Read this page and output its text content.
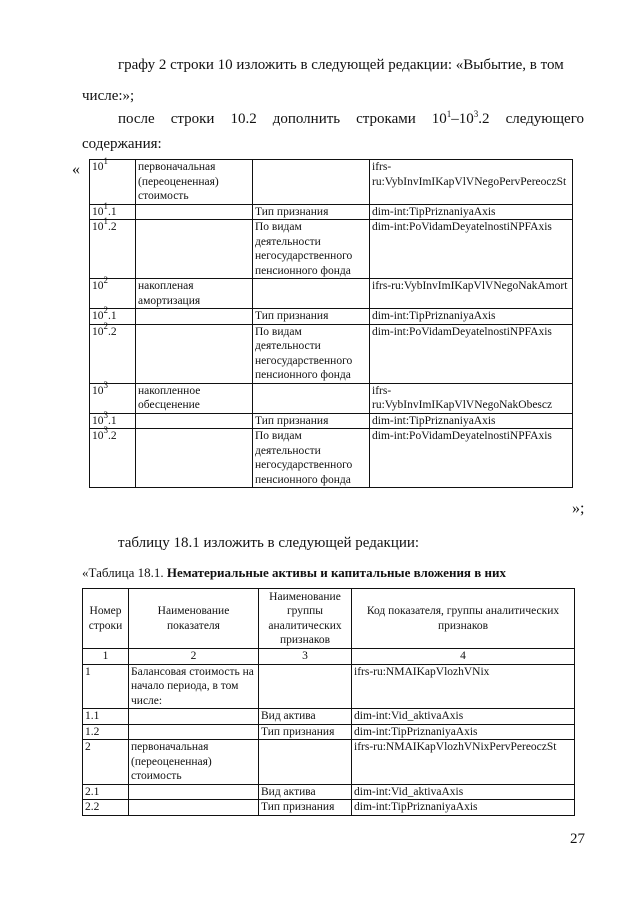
графу 2 строки 10 изложить в следующей редакции: «Выбытие, в том
числе:»;
после строки 10.2 дополнить строками $10^1-10^3.2$ следующего
содержания:
« $10^1$	первоначальная (переоцененная) стоимость		ifrs-ru:VybInvImIKapVlVNegoPervPereoczSt
$10^1.1$		Тип признания	dim-int:TipPriznaniyaAxis
$10^1.2$		По видам деятельности негосударственного пенсионного фонда	dim-int:PoVidamDeyatelnostiNPFAxis
$10^2$	накопленая амортизация		ifrs-ru:VybInvImIKapVlVNegoNakAmort
$10^2.1$		Тип признания	dim-int:TipPriznaniyaAxis
$10^2.2$		По видам деятельности негосударственного пенсионного фонда	dim-int:PoVidamDeyatelnostiNPFAxis
$10^3$	накопленное обесценение		ifrs-ru:VybInvImIKapVlVNegoNakObescz
$10^3.1$		Тип признания	dim-int:TipPriznaniyaAxis
$10^3.2$		По видам деятельности негосударственного пенсионного фонда	dim-int:PoVidamDeyatelnostiNPFAxis
»;
таблицу 18.1 изложить в следующей редакции:
«Таблица 18.1. Нематериальные активы и капитальные вложения в них
Номер строки	Наименование показателя	Наименование группы аналитических признаков	Код показателя, группы аналитических признаков
1	2	3	4
1	Балансовая стоимость на начало периода, в том числе:		ifrs-ru:NMAIKapVlozhVNix
1.1		Вид актива	dim-int:Vid_aktivaAxis
1.2		Тип признания	dim-int:TipPriznaniyaAxis
2	первоначальная (переоцененная) стоимость		ifrs-ru:NMAIKapVlozhVNixPervPereoczSt
2.1		Вид актива	dim-int:Vid_aktivaAxis
2.2		Тип признания	dim-int:TipPriznaniyaAxis
27
